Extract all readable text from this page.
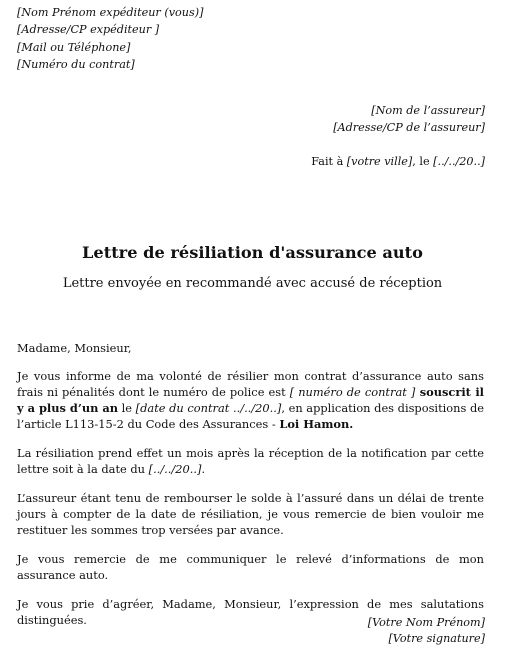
[Nom Prénom expéditeur (vous)]
[Adresse/CP expéditeur ]
[Mail ou Téléphone]
[Numéro du contrat]
[Nom de l’assureur]
[Adresse/CP de l’assureur]
Fait à [votre ville], le [../../20..]
Lettre de résiliation d'assurance auto
Lettre envoyée en recommandé avec accusé de réception

Madame, Monsieur,

Je vous informe de ma volonté de résilier mon contrat d’assurance auto sans frais ni pénalités dont le numéro de police est [ numéro de contrat ] souscrit il y a plus d’un an le [date du contrat ../../20..], en application des dispositions de l’article L113-15-2 du Code des Assurances - Loi Hamon.

La résiliation prend effet un mois après la réception de la notification par cette lettre soit à la date du [../../20..].

L’assureur étant tenu de rembourser le solde à l’assuré dans un délai de trente jours à compter de la date de résiliation, je vous remercie de bien vouloir me restituer les sommes trop versées par avance.

Je vous remercie de me communiquer le relevé d’informations de mon assurance auto.

Je vous prie d’agréer, Madame, Monsieur, l’expression de mes salutations distinguées.	[Votre Nom Prénom]
[Votre signature]
